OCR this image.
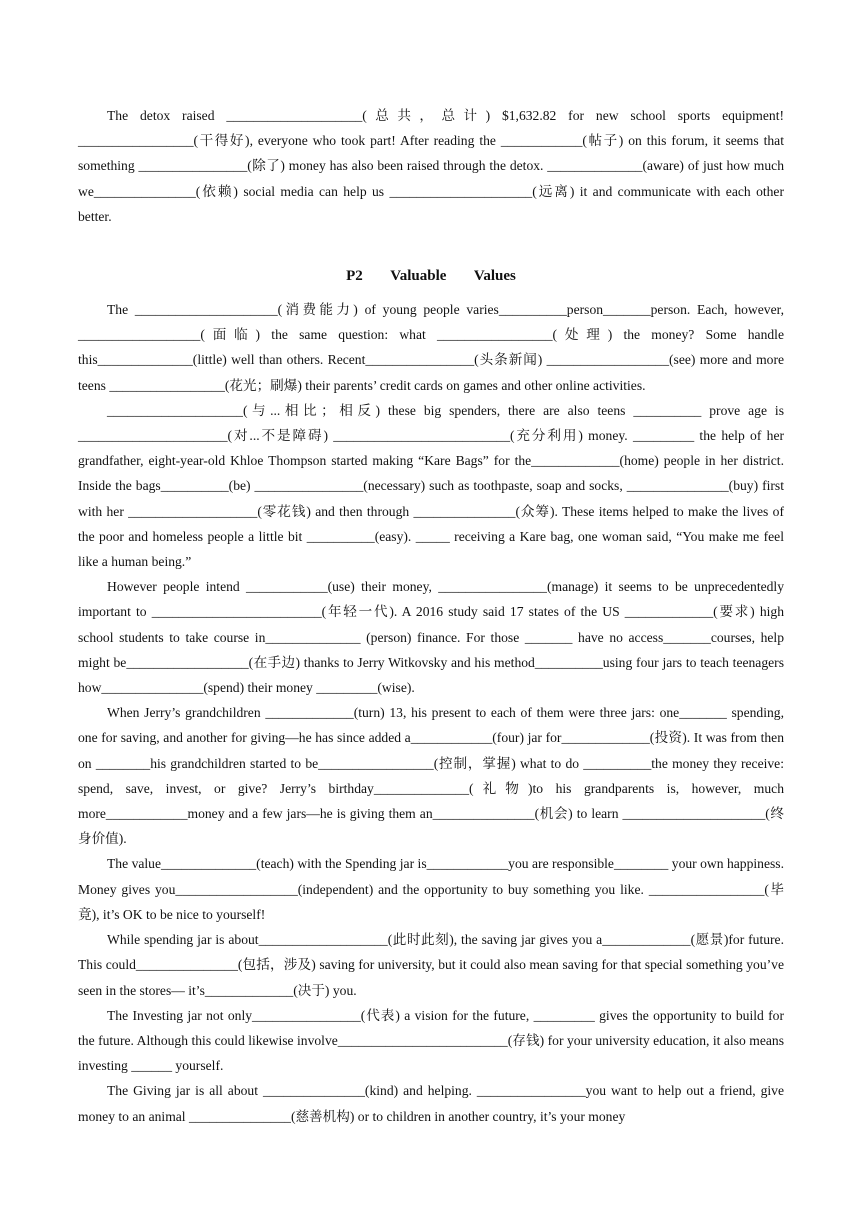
The detox raised ____________________(总共，总计) $1,632.82 for new school sports equipment! _________________(干得好), everyone who took part! After reading the ____________(帖子) on this forum, it seems that something ________________(除了) money has also been raised through the detox. ______________(aware) of just how much we_______________(依赖) social media can help us _____________________(远离) it and communicate with each other better.

P2 Valuable Values

The _____________________(消费能力) of young people varies__________person_______person. Each, however, __________________(面临) the same question: what _________________(处理) the money? Some handle this______________(little) well than others. Recent________________(头条新闻) __________________(see) more and more teens _________________(花光；刷爆) their parents’ credit cards on games and other online activities.

____________________(与...相比；相反) these big spenders, there are also teens __________ prove age is ______________________(对...不是障碍) __________________________(充分利用) money. _________ the help of her grandfather, eight-year-old Khloe Thompson started making “Kare Bags” for the_____________(home) people in her district. Inside the bags__________(be) ________________(necessary) such as toothpaste, soap and socks, _______________(buy) first with her ___________________(零花钱) and then through _______________(众筹). These items helped to make the lives of the poor and homeless people a little bit __________(easy). _____ receiving a Kare bag, one woman said, “You make me feel like a human being.”

However people intend ____________(use) their money, ________________(manage) it seems to be unprecedentedly important to _________________________(年轻一代). A 2016 study said 17 states of the US _____________(要求) high school students to take course in______________ (person) finance. For those _______ have no access_______courses, help might be__________________(在手边) thanks to Jerry Witkovsky and his method__________using four jars to teach teenagers how_______________(spend) their money _________(wise).

When Jerry’s grandchildren _____________(turn) 13, his present to each of them were three jars: one_______ spending, one for saving, and another for giving—he has since added a____________(four) jar for_____________(投资). It was from then on ________his grandchildren started to be_________________(控制，掌握) what to do __________the money they receive: spend, save, invest, or give? Jerry’s birthday______________(礼物)to his grandparents is, however, much more____________money and a few jars—he is giving them an_______________(机会) to learn _____________________(终身价值).

The value______________(teach) with the Spending jar is____________you are responsible________ your own happiness. Money gives you__________________(independent) and the opportunity to buy something you like. _________________(毕竟), it’s OK to be nice to yourself!

While spending jar is about___________________(此时此刻), the saving jar gives you a_____________(愿景)for future. This could_______________(包括，涉及) saving for university, but it could also mean saving for that special something you’ve seen in the stores— it’s_____________(决于) you.

The Investing jar not only________________(代表) a vision for the future, _________ gives the opportunity to build for the future. Although this could likewise involve_________________________(存钱) for your university education, it also means investing ______ yourself.

The Giving jar is all about _______________(kind) and helping. ________________you want to help out a friend, give money to an animal _______________(慈善机构) or to children in another country, it’s your money
